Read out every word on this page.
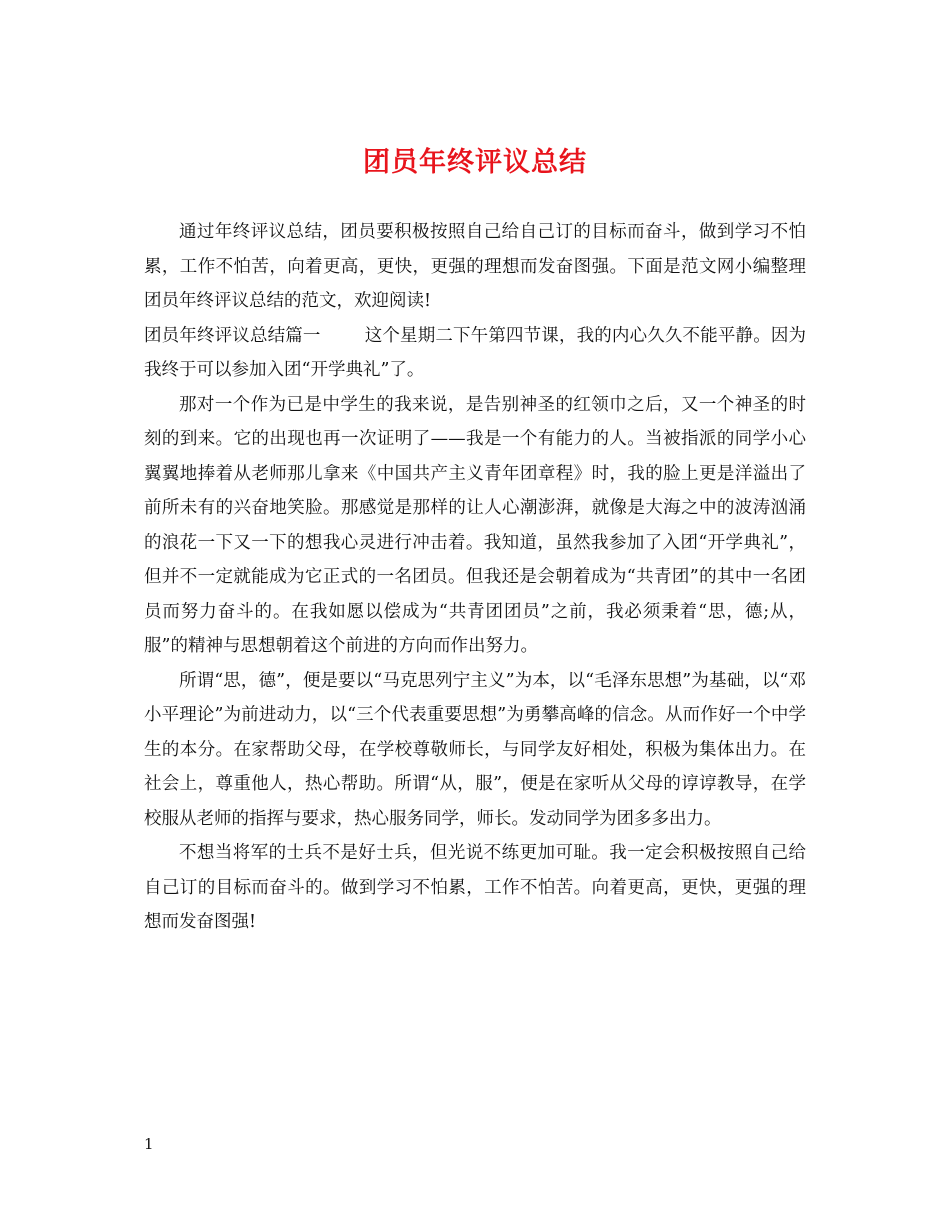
团员年终评议总结

通过年终评议总结，团员要积极按照自己给自己订的目标而奋斗，做到学习不怕累，工作不怕苦，向着更高，更快，更强的理想而发奋图强。下面是范文网小编整理团员年终评议总结的范文，欢迎阅读!

团员年终评议总结篇一	这个星期二下午第四节课，我的内心久久不能平静。因为我终于可以参加入团“开学典礼”了。

那对一个作为已是中学生的我来说，是告别神圣的红领巾之后，又一个神圣的时刻的到来。它的出现也再一次证明了——我是一个有能力的人。当被指派的同学小心翼翼地捧着从老师那儿拿来《中国共产主义青年团章程》时，我的脸上更是洋溢出了前所未有的兴奋地笑脸。那感觉是那样的让人心潮澎湃，就像是大海之中的波涛汹涌的浪花一下又一下的想我心灵进行冲击着。我知道，虽然我参加了入团“开学典礼”，但并不一定就能成为它正式的一名团员。但我还是会朝着成为“共青团”的其中一名团员而努力奋斗的。在我如愿以偿成为“共青团团员”之前，我必须秉着“思，德;从，服”的精神与思想朝着这个前进的方向而作出努力。

所谓“思，德”，便是要以“马克思列宁主义”为本，以“毛泽东思想”为基础，以“邓小平理论”为前进动力，以“三个代表重要思想”为勇攀高峰的信念。从而作好一个中学生的本分。在家帮助父母，在学校尊敬师长，与同学友好相处，积极为集体出力。在社会上，尊重他人，热心帮助。所谓“从，服”，便是在家听从父母的谆谆教导，在学校服从老师的指挥与要求，热心服务同学，师长。发动同学为团多多出力。

不想当将军的士兵不是好士兵，但光说不练更加可耻。我一定会积极按照自己给自己订的目标而奋斗的。做到学习不怕累，工作不怕苦。向着更高，更快，更强的理想而发奋图强!

1
